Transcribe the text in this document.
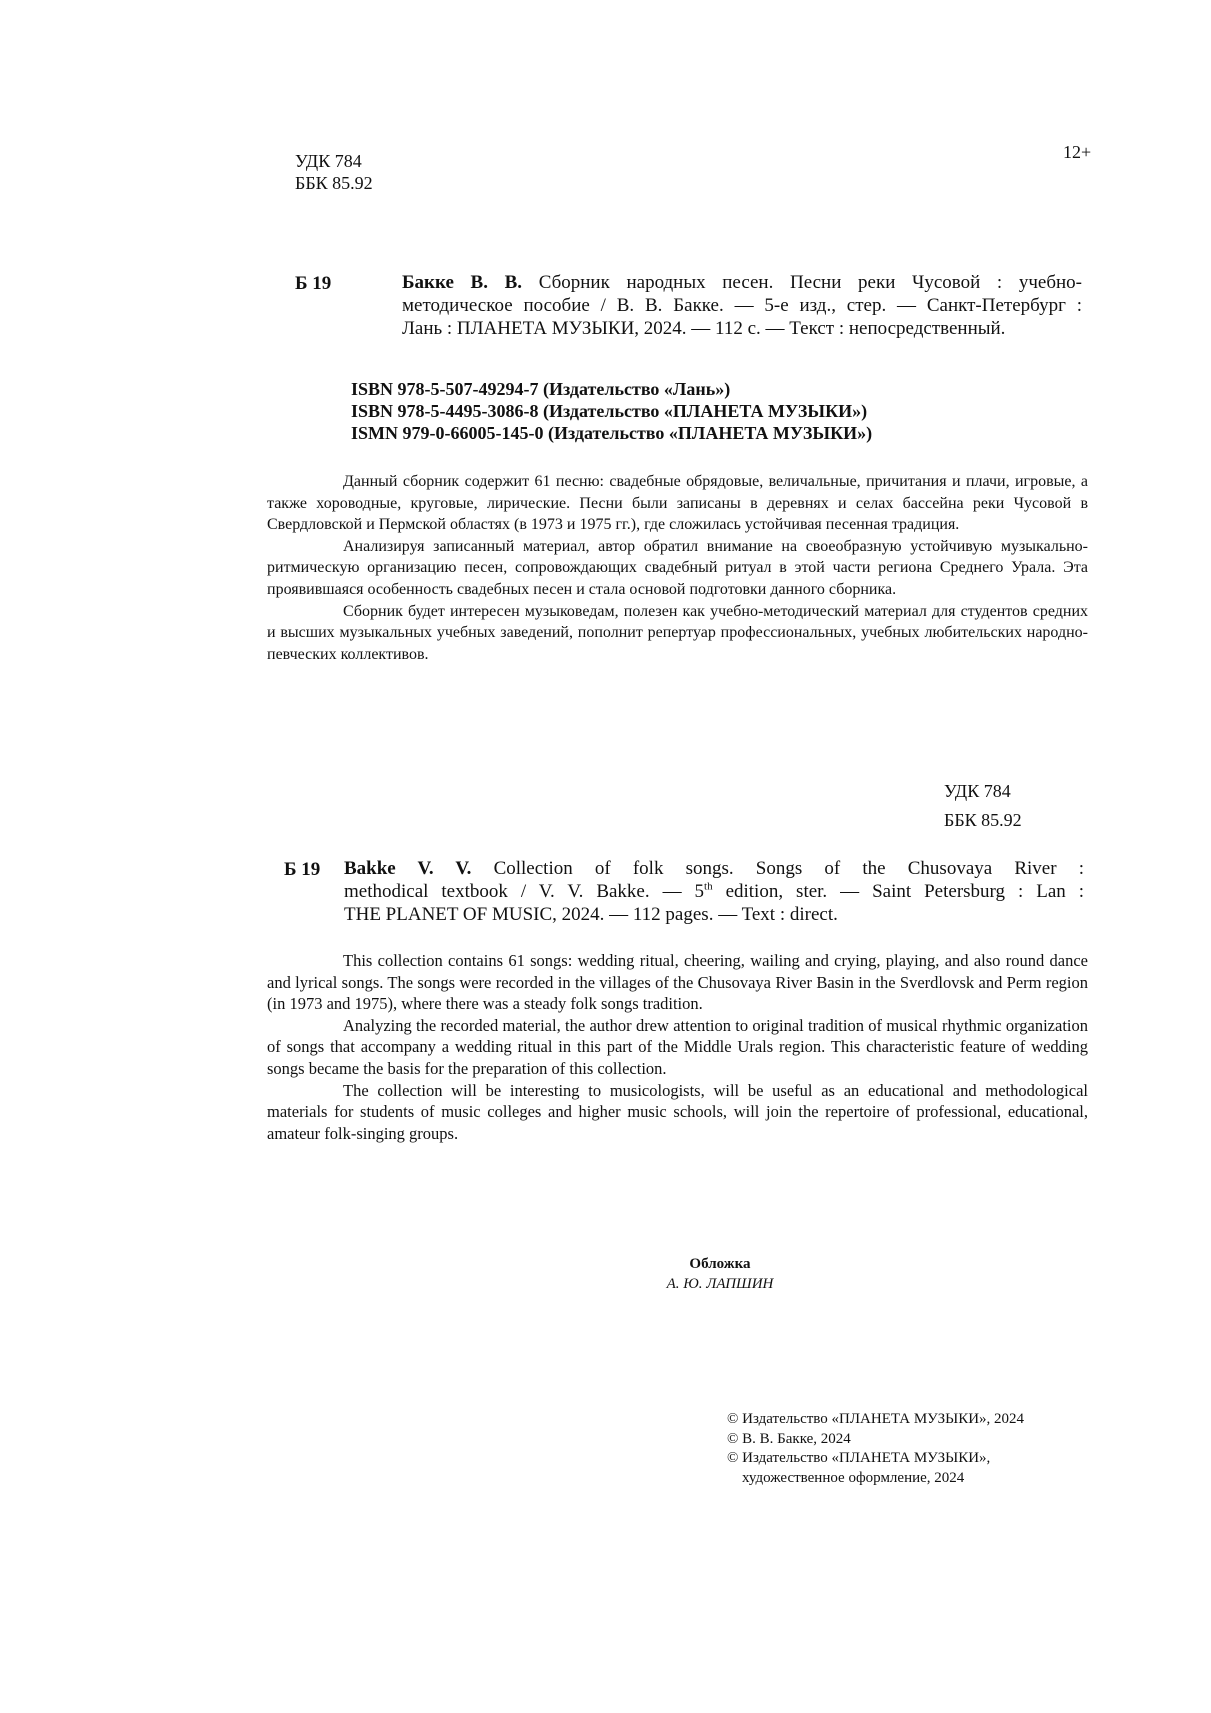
УДК 784
ББК 85.92
12+
Б 19	Бакке В. В. Сборник народных песен. Песни реки Чусовой : учебно-
методическое пособие / В. В. Бакке. — 5-е изд., стер. — Санкт-Петербург :
Лань : ПЛАНЕТА МУЗЫКИ, 2024. — 112 с. — Текст : непосредственный.
ISBN 978-5-507-49294-7 (Издательство «Лань»)
ISBN 978-5-4495-3086-8 (Издательство «ПЛАНЕТА МУЗЫКИ»)
ISMN 979-0-66005-145-0 (Издательство «ПЛАНЕТА МУЗЫКИ»)

Данный сборник содержит 61 песню: свадебные обрядовые, величальные, причитания и плачи, игровые, а также хороводные, круговые, лирические. Песни были записаны в деревнях и селах бассейна реки Чусовой в Свердловской и Пермской областях (в 1973 и 1975 гг.), где сложилась устойчивая песенная традиция.

Анализируя записанный материал, автор обратил внимание на своеобразную устойчивую музыкально-ритмическую организацию песен, сопровождающих свадебный ритуал в этой части региона Среднего Урала. Эта проявившаяся особенность свадебных песен и стала основой подготовки данного сборника.

Сборник будет интересен музыковедам, полезен как учебно-методический материал для студентов средних и высших музыкальных учебных заведений, пополнит репертуар профессиональных, учебных любительских народно-певческих коллективов.

УДК 784
ББК 85.92
Б 19 Bakke V. V. Collection of folk songs. Songs of the Chusovaya River :
methodical textbook / V. V. Bakke. — 5th edition, ster. — Saint Petersburg : Lan :
THE PLANET OF MUSIC, 2024. — 112 pages. — Text : direct.

This collection contains 61 songs: wedding ritual, cheering, wailing and crying, playing, and also round dance and lyrical songs. The songs were recorded in the villages of the Chusovaya River Basin in the Sverdlovsk and Perm region (in 1973 and 1975), where there was a steady folk songs tradition.

Analyzing the recorded material, the author drew attention to original tradition of musical rhythmic organization of songs that accompany a wedding ritual in this part of the Middle Urals region. This characteristic feature of wedding songs became the basis for the preparation of this collection.

The collection will be interesting to musicologists, will be useful as an educational and methodological materials for students of music colleges and higher music schools, will join the repertoire of professional, educational, amateur folk-singing groups.

Обложка
А. Ю. ЛАПШИН
© Издательство «ПЛАНЕТА МУЗЫКИ», 2024
© В. В. Бакке, 2024
© Издательство «ПЛАНЕТА МУЗЫКИ»,
художественное оформление, 2024
